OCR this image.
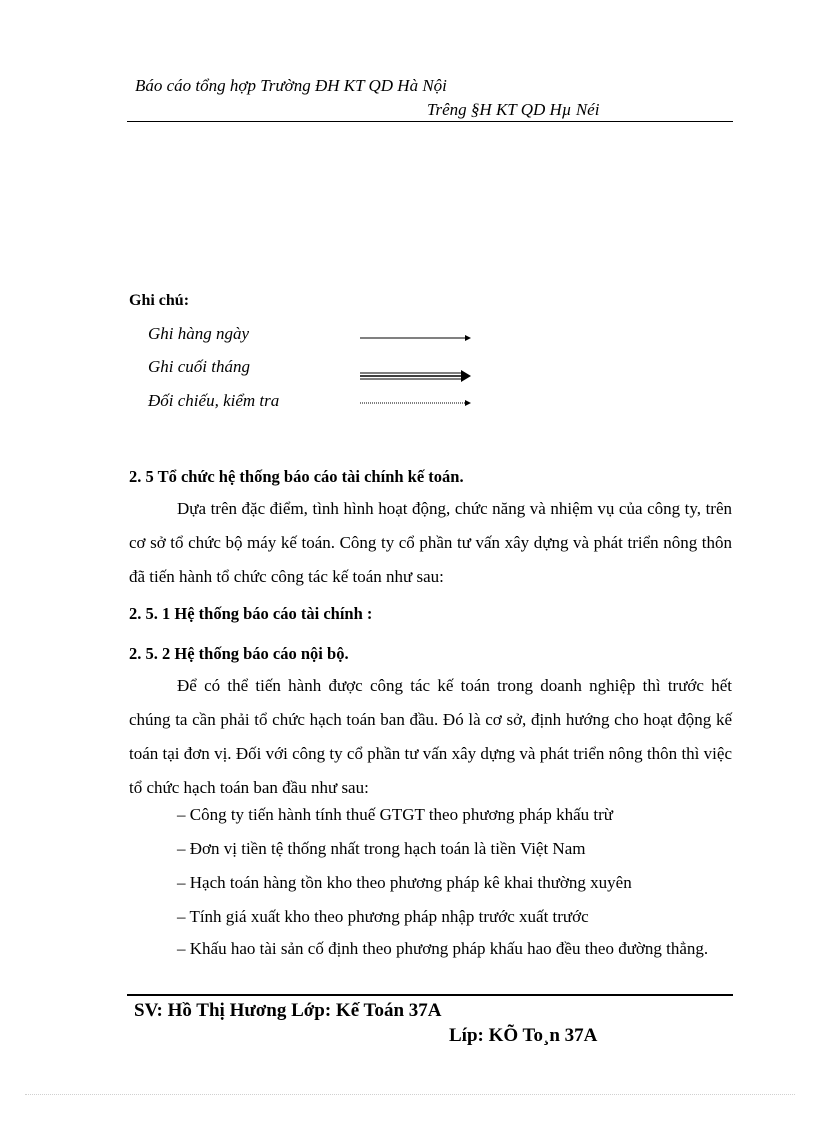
Báo cáo tổng hợp Trường ĐH KT QD Hà Nội
Trêng §H KT QD Hµ Néi
Ghi chú:
Ghi hàng ngày
Ghi cuối tháng
Đối chiếu, kiểm tra
2. 5 Tổ chức hệ thống báo cáo tài chính kế toán.

Dựa trên đặc điểm, tình hình hoạt động, chức năng và nhiệm vụ của công ty, trên cơ sở tổ chức bộ máy kế toán. Công ty cổ phần tư vấn xây dựng và phát triển nông thôn đã tiến hành tổ chức công tác kế toán như sau:

2. 5. 1 Hệ thống báo cáo tài chính :
2. 5. 2 Hệ thống báo cáo nội bộ.

Để có thể tiến hành được công tác kế toán trong doanh nghiệp thì trước hết chúng ta cần phải tổ chức hạch toán ban đầu. Đó là cơ sở, định hướng cho hoạt động kế toán tại đơn vị. Đối với công ty cổ phần tư vấn xây dựng và phát triển nông thôn thì việc tổ chức hạch toán ban đầu như sau:

– Công ty tiến hành tính thuế GTGT theo phương pháp khấu trừ
– Đơn vị tiền tệ thống nhất trong hạch toán là tiền Việt Nam
– Hạch toán hàng tồn kho theo phương pháp kê khai thường xuyên
– Tính giá xuất kho theo phương pháp nhập trước xuất trước

– Khấu hao tài sản cố định theo phương pháp khấu hao đều theo đường thẳng.

SV: Hồ Thị Hương Lớp: Kế Toán 37A
Líp: KÕ To¸n 37A
